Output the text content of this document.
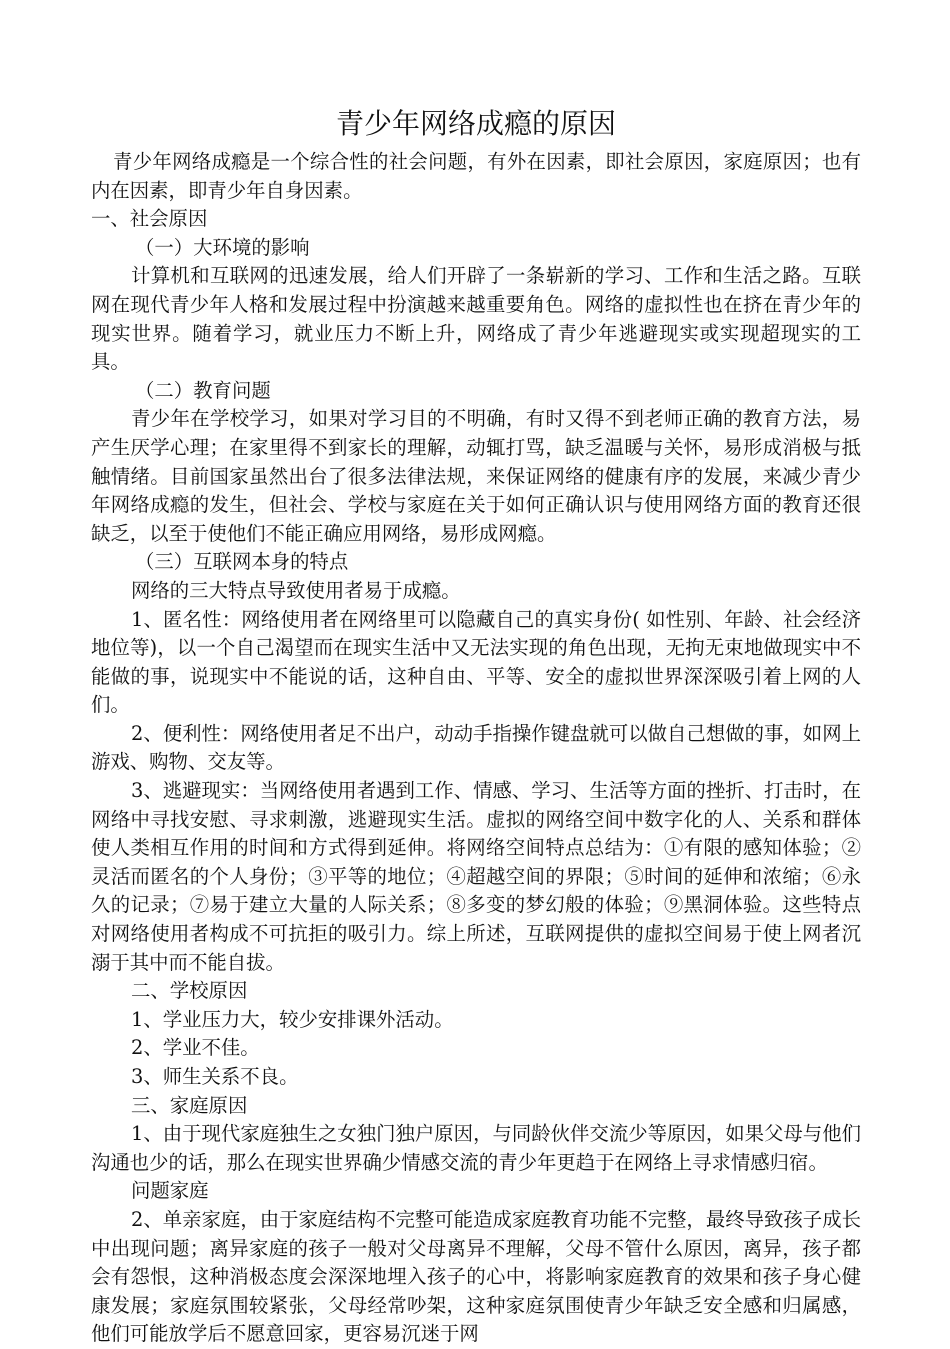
青少年网络成瘾的原因

青少年网络成瘾是一个综合性的社会问题，有外在因素，即社会原因，家庭原因；也有内在因素，即青少年自身因素。

一、社会原因

（一）大环境的影响

计算机和互联网的迅速发展，给人们开辟了一条崭新的学习、工作和生活之路。互联网在现代青少年人格和发展过程中扮演越来越重要角色。网络的虚拟性也在挤在青少年的现实世界。随着学习，就业压力不断上升，网络成了青少年逃避现实或实现超现实的工具。

（二）教育问题

青少年在学校学习，如果对学习目的不明确，有时又得不到老师正确的教育方法，易产生厌学心理；在家里得不到家长的理解，动辄打骂，缺乏温暖与关怀，易形成消极与抵触情绪。目前国家虽然出台了很多法律法规，来保证网络的健康有序的发展，来减少青少年网络成瘾的发生，但社会、学校与家庭在关于如何正确认识与使用网络方面的教育还很缺乏，以至于使他们不能正确应用网络，易形成网瘾。

（三）互联网本身的特点

网络的三大特点导致使用者易于成瘾。

1、匿名性：网络使用者在网络里可以隐藏自己的真实身份( 如性别、年龄、社会经济地位等)，以一个自己渴望而在现实生活中又无法实现的角色出现，无拘无束地做现实中不能做的事，说现实中不能说的话，这种自由、平等、安全的虚拟世界深深吸引着上网的人们。

2、便利性：网络使用者足不出户，动动手指操作键盘就可以做自己想做的事，如网上游戏、购物、交友等。

3、逃避现实：当网络使用者遇到工作、情感、学习、生活等方面的挫折、打击时，在网络中寻找安慰、寻求刺激，逃避现实生活。虚拟的网络空间中数字化的人、关系和群体使人类相互作用的时间和方式得到延伸。将网络空间特点总结为：①有限的感知体验；②灵活而匿名的个人身份；③平等的地位；④超越空间的界限；⑤时间的延伸和浓缩；⑥永久的记录；⑦易于建立大量的人际关系；⑧多变的梦幻般的体验；⑨黑洞体验。这些特点对网络使用者构成不可抗拒的吸引力。综上所述，互联网提供的虚拟空间易于使上网者沉溺于其中而不能自拔。

二、学校原因

1、学业压力大，较少安排课外活动。

2、学业不佳。

3、师生关系不良。

三、家庭原因

1、由于现代家庭独生之女独门独户原因，与同龄伙伴交流少等原因，如果父母与他们沟通也少的话，那么在现实世界确少情感交流的青少年更趋于在网络上寻求情感归宿。

问题家庭

2、单亲家庭，由于家庭结构不完整可能造成家庭教育功能不完整，最终导致孩子成长中出现问题；离异家庭的孩子一般对父母离异不理解，父母不管什么原因，离异，孩子都会有怨恨，这种消极态度会深深地埋入孩子的心中，将影响家庭教育的效果和孩子身心健康发展；家庭氛围较紧张，父母经常吵架，这种家庭氛围使青少年缺乏安全感和归属感，他们可能放学后不愿意回家，更容易沉迷于网
